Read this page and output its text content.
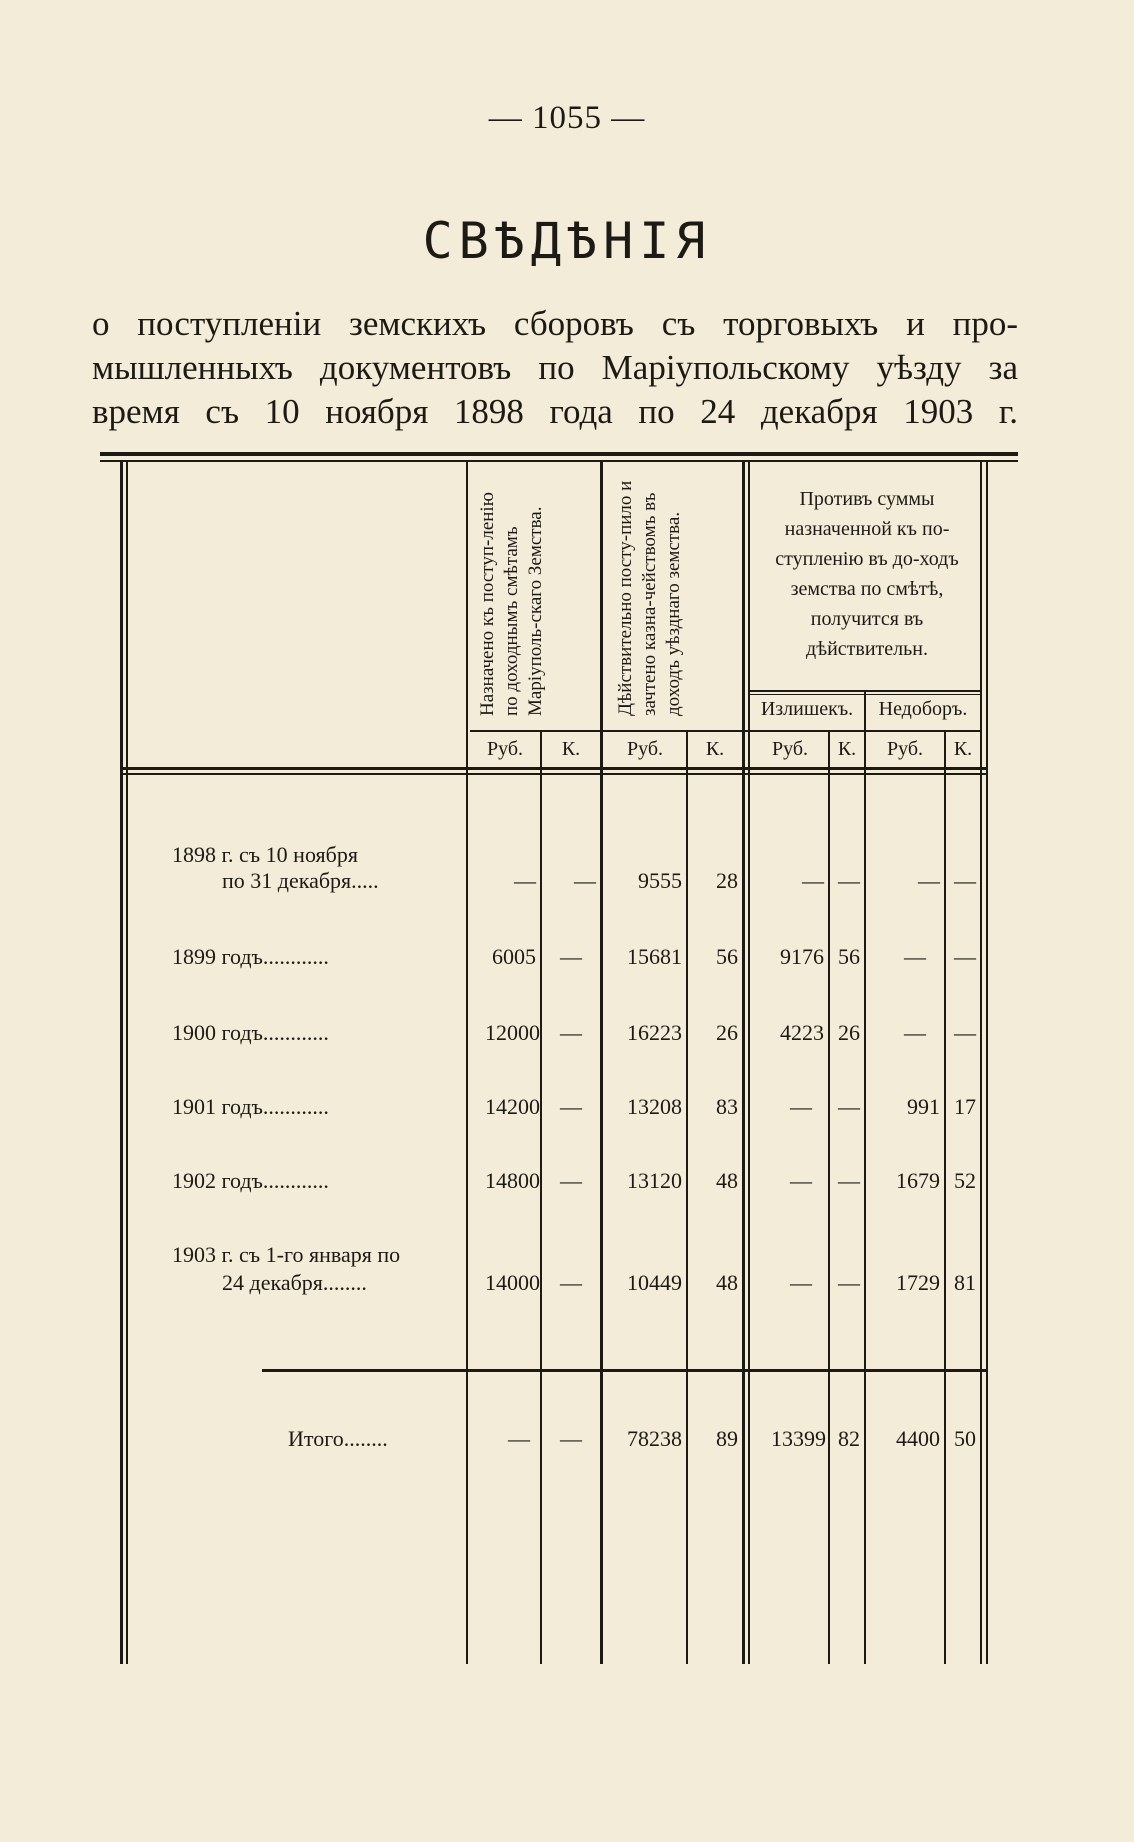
— 1055 —
СВѢДѢНІЯ
о поступленіи земскихъ сборовъ съ торговыхъ и про-
мышленныхъ документовъ по Маріупольскому уѣзду за
время съ 10 ноября 1898 года по 24 декабря 1903 г.
Назначено къ поступ-ленію по доходнымъ смѣтамъ Маріуполь-скаго Земства.	Дѣйствительно посту-пило и зачтено казна-чействомъ въ доходъ уѣзднаго земства.
Противъ суммы назначенной къ по-ступленію въ до-ходъ земства по смѣтѣ, получится въ дѣйствительн.
Излишекъ.	Недоборъ.
Руб.	К.	Руб.	К.	Руб.	К.	Руб.	К.
1898 г. съ 10 ноября
по 31 декабря.....	—	—	9555	28	— —	— —
1899 годъ............	6005	—	15681	56	9176 56	—	—
1900 годъ............	12000 —	16223	26	4223 26	—	—
1901 годъ............	14200 —	13208	83	—	—	991 17
1902 годъ............	14800 —	13120	48	—	—	1679 52
1903 г. съ 1-го января по
24 декабря........	14000 —	10449	48	—	—	1729 81
Итого........	—	—	78238	89	13399 82	4400 50
